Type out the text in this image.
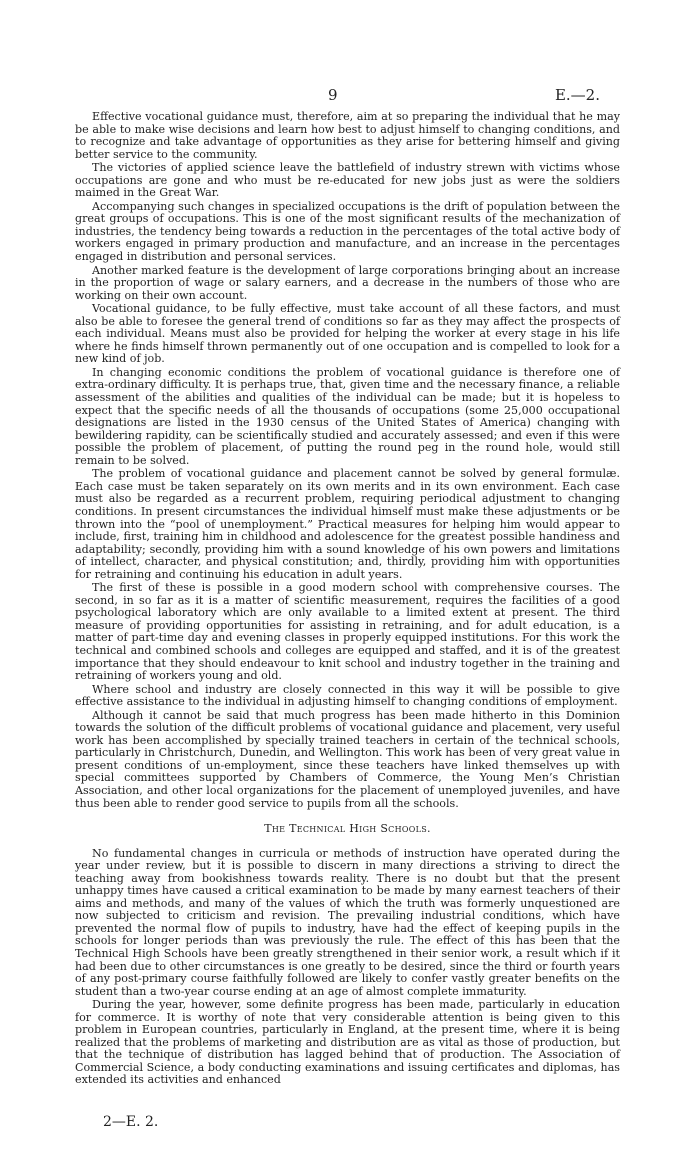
9	E.—2.

Effective vocational guidance must, therefore, aim at so preparing the individual that he may be able to make wise decisions and learn how best to adjust himself to changing conditions, and to recognize and take advantage of opportunities as they arise for bettering himself and giving better service to the community.

The victories of applied science leave the battlefield of industry strewn with victims whose occupations are gone and who must be re-educated for new jobs just as were the soldiers maimed in the Great War.

Accompanying such changes in specialized occupations is the drift of population between the great groups of occupations. This is one of the most significant results of the mechanization of industries, the tendency being towards a reduction in the percentages of the total active body of workers engaged in primary production and manufacture, and an increase in the percentages engaged in distribution and personal services.

Another marked feature is the development of large corporations bringing about an increase in the proportion of wage or salary earners, and a decrease in the numbers of those who are working on their own account.

Vocational guidance, to be fully effective, must take account of all these factors, and must also be able to foresee the general trend of conditions so far as they may affect the prospects of each individual. Means must also be provided for helping the worker at every stage in his life where he finds himself thrown permanently out of one occupation and is compelled to look for a new kind of job.

In changing economic conditions the problem of vocational guidance is therefore one of extra-ordinary difficulty. It is perhaps true, that, given time and the necessary finance, a reliable assessment of the abilities and qualities of the individual can be made; but it is hopeless to expect that the specific needs of all the thousands of occupations (some 25,000 occupational designations are listed in the 1930 census of the United States of America) changing with bewildering rapidity, can be scientifically studied and accurately assessed; and even if this were possible the problem of placement, of putting the round peg in the round hole, would still remain to be solved.

The problem of vocational guidance and placement cannot be solved by general formulæ. Each case must be taken separately on its own merits and in its own environment. Each case must also be regarded as a recurrent problem, requiring periodical adjustment to changing conditions. In present circumstances the individual himself must make these adjustments or be thrown into the “pool of unemployment.” Practical measures for helping him would appear to include, first, training him in childhood and adolescence for the greatest possible handiness and adaptability; secondly, providing him with a sound knowledge of his own powers and limitations of intellect, character, and physical constitution; and, thirdly, providing him with opportunities for retraining and continuing his education in adult years.

The first of these is possible in a good modern school with comprehensive courses. The second, in so far as it is a matter of scientific measurement, requires the facilities of a good psychological laboratory which are only available to a limited extent at present. The third measure of providing opportunities for assisting in retraining, and for adult education, is a matter of part-time day and evening classes in properly equipped institutions. For this work the technical and combined schools and colleges are equipped and staffed, and it is of the greatest importance that they should endeavour to knit school and industry together in the training and retraining of workers young and old.

Where school and industry are closely connected in this way it will be possible to give effective assistance to the individual in adjusting himself to changing conditions of employment.

Although it cannot be said that much progress has been made hitherto in this Dominion towards the solution of the difficult problems of vocational guidance and placement, very useful work has been accomplished by specially trained teachers in certain of the technical schools, particularly in Christchurch, Dunedin, and Wellington. This work has been of very great value in present conditions of un-employment, since these teachers have linked themselves up with special committees supported by Chambers of Commerce, the Young Men’s Christian Association, and other local organizations for the placement of unemployed juveniles, and have thus been able to render good service to pupils from all the schools.

The Technical High Schools.

No fundamental changes in curricula or methods of instruction have operated during the year under review, but it is possible to discern in many directions a striving to direct the teaching away from bookishness towards reality. There is no doubt but that the present unhappy times have caused a critical examination to be made by many earnest teachers of their aims and methods, and many of the values of which the truth was formerly unquestioned are now subjected to criticism and revision. The prevailing industrial conditions, which have prevented the normal flow of pupils to industry, have had the effect of keeping pupils in the schools for longer periods than was previously the rule. The effect of this has been that the Technical High Schools have been greatly strengthened in their senior work, a result which if it had been due to other circumstances is one greatly to be desired, since the third or fourth years of any post-primary course faithfully followed are likely to confer vastly greater benefits on the student than a two-year course ending at an age of almost complete immaturity.

During the year, however, some definite progress has been made, particularly in education for commerce. It is worthy of note that very considerable attention is being given to this problem in European countries, particularly in England, at the present time, where it is being realized that the problems of marketing and distribution are as vital as those of production, but that the technique of distribution has lagged behind that of production. The Association of Commercial Science, a body conducting examinations and issuing certificates and diplomas, has extended its activities and enhanced

2—E. 2.
